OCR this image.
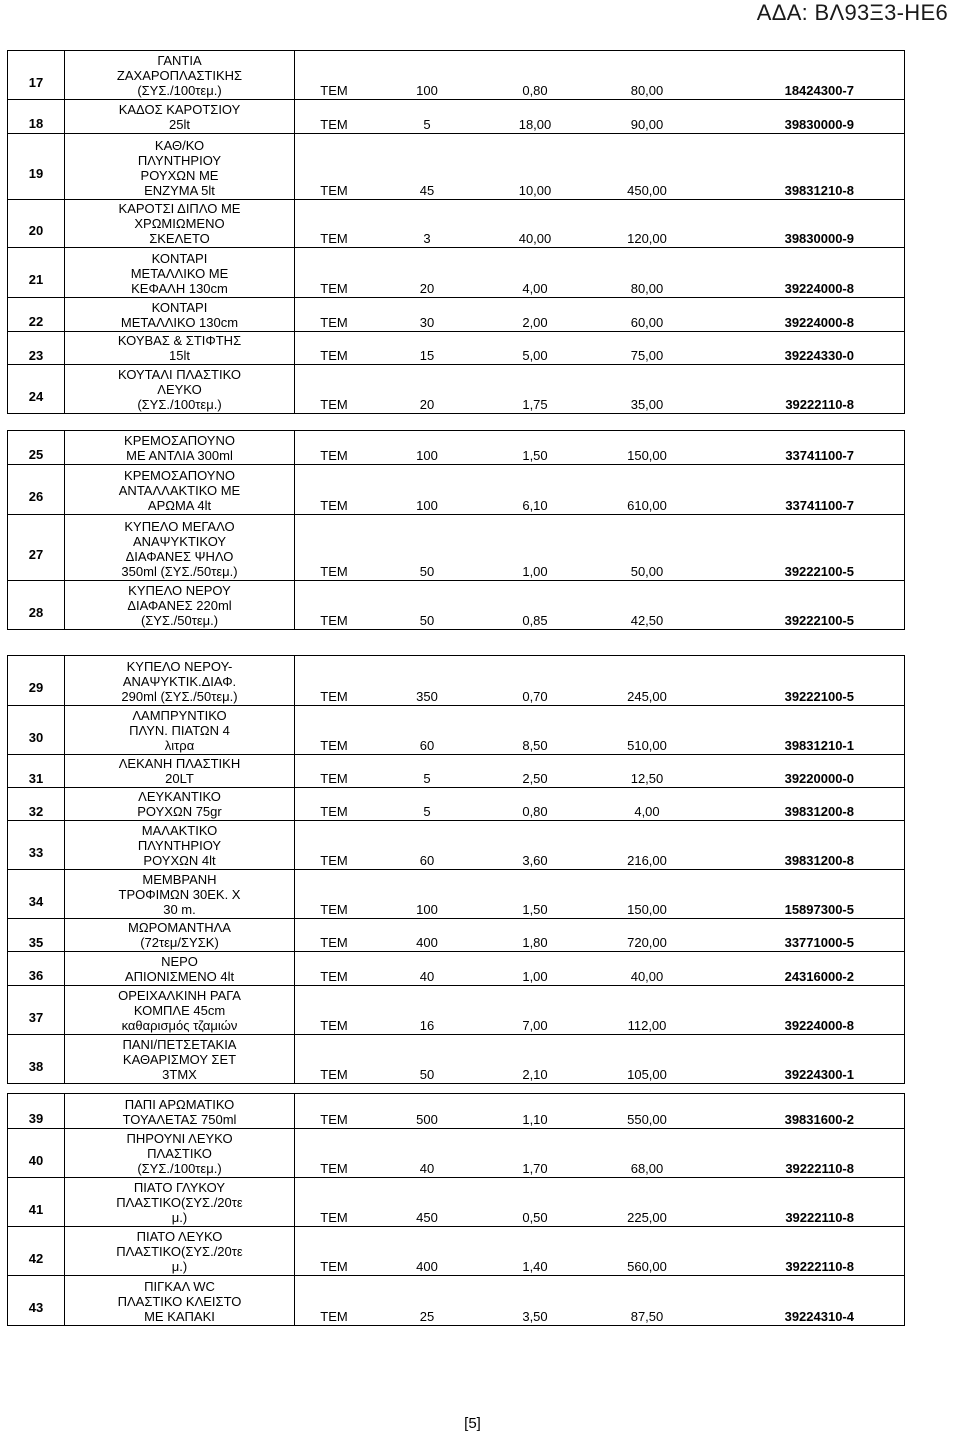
ΑΔΑ: ΒΛ93Ξ3-ΗΕ6
17
ΓΑΝΤΙΑ
ΖΑΧΑΡΟΠΛΑΣΤΙΚΗΣ
(ΣΥΣ./100τεμ.)	ΤΕΜ	100	0,80	80,00	18424300-7
18
ΚΑΔΟΣ ΚΑΡΟΤΣΙΟΥ
25lt	ΤΕΜ	5	18,00	90,00	39830000-9
19
ΚΑΘ/ΚΟ
ΠΛΥΝΤΗΡΙΟΥ
ΡΟΥΧΩΝ ΜΕ
ΕΝΖΥΜΑ 5lt	ΤΕΜ	45	10,00	450,00	39831210-8
20
ΚΑΡΟΤΣΙ ΔΙΠΛΟ ΜΕ
ΧΡΩΜΙΩΜΕΝΟ
ΣΚΕΛΕΤΟ	ΤΕΜ	3	40,00	120,00	39830000-9
21
ΚΟΝΤΑΡΙ
ΜΕΤΑΛΛΙΚΟ ΜΕ
ΚΕΦΑΛΗ 130cm	ΤΕΜ	20	4,00	80,00	39224000-8
22
ΚΟΝΤΑΡΙ
ΜΕΤΑΛΛΙΚΟ 130cm	ΤΕΜ	30	2,00	60,00	39224000-8
23
ΚΟΥΒΑΣ & ΣΤΙΦΤΗΣ
15lt	ΤΕΜ	15	5,00	75,00	39224330-0
24
ΚΟΥΤΑΛΙ ΠΛΑΣΤΙΚΟ
ΛΕΥΚΟ
(ΣΥΣ./100τεμ.)	ΤΕΜ	20	1,75	35,00	39222110-8
25
ΚΡΕΜΟΣΑΠΟΥΝΟ
ΜΕ ΑΝΤΛΙΑ 300ml	ΤΕΜ	100	1,50	150,00	33741100-7
26
ΚΡΕΜΟΣΑΠΟΥΝΟ
ΑΝΤΑΛΛΑΚΤΙΚΟ ΜΕ
ΑΡΩΜΑ 4lt	ΤΕΜ	100	6,10	610,00	33741100-7
27
ΚΥΠΕΛΟ ΜΕΓΑΛΟ
ΑΝΑΨΥΚΤΙΚΟΥ
ΔΙΑΦΑΝΕΣ ΨΗΛΟ
350ml (ΣΥΣ./50τεμ.)	ΤΕΜ	50	1,00	50,00	39222100-5
28
ΚΥΠΕΛΟ ΝΕΡΟΥ
ΔΙΑΦΑΝΕΣ 220ml
(ΣΥΣ./50τεμ.)	ΤΕΜ	50	0,85	42,50	39222100-5
29
ΚΥΠΕΛΟ ΝΕΡΟΥ-
ΑΝΑΨΥΚΤΙΚ.ΔΙΑΦ.
290ml (ΣΥΣ./50τεμ.)	ΤΕΜ	350	0,70	245,00	39222100-5
30
ΛΑΜΠΡΥΝΤΙΚΟ
ΠΛΥΝ. ΠΙΑΤΩΝ 4
λιτρα	ΤΕΜ	60	8,50	510,00	39831210-1
31
ΛΕΚΑΝΗ ΠΛΑΣΤΙΚΗ
20LT	ΤΕΜ	5	2,50	12,50	39220000-0
32
ΛΕΥΚΑΝΤΙΚΟ
ΡΟΥΧΩΝ 75gr	ΤΕΜ	5	0,80	4,00	39831200-8
33
ΜΑΛΑΚΤΙΚΟ
ΠΛΥΝΤΗΡΙΟΥ
ΡΟΥΧΩΝ 4lt	ΤΕΜ	60	3,60	216,00	39831200-8
34
ΜΕΜΒΡΑΝΗ
ΤΡΟΦΙΜΩΝ 30ΕΚ. Χ
30 m.	ΤΕΜ	100	1,50	150,00	15897300-5
35
ΜΩΡΟΜΑΝΤΗΛΑ
(72τεμ/ΣΥΣΚ)	ΤΕΜ	400	1,80	720,00	33771000-5
36
ΝΕΡΟ
ΑΠΙΟΝΙΣΜΕΝΟ 4lt	ΤΕΜ	40	1,00	40,00	24316000-2
37
ΟΡΕΙΧΑΛΚΙΝΗ ΡΑΓΑ
ΚΟΜΠΛΕ 45cm
καθαρισμός τζαμιών	ΤΕΜ	16	7,00	112,00	39224000-8
38
ΠΑΝΙ/ΠΕΤΣΕΤΑΚΙΑ
ΚΑΘΑΡΙΣΜΟΥ ΣΕΤ
3ΤΜΧ	ΤΕΜ	50	2,10	105,00	39224300-1
39
ΠΑΠΙ ΑΡΩΜΑΤΙΚΟ
ΤΟΥΑΛΕΤΑΣ 750ml	ΤΕΜ	500	1,10	550,00	39831600-2
40
ΠΗΡΟΥΝΙ ΛΕΥΚΟ
ΠΛΑΣΤΙΚΟ
(ΣΥΣ./100τεμ.)	ΤΕΜ	40	1,70	68,00	39222110-8
41
ΠΙΑΤΟ ΓΛΥΚΟΥ
ΠΛΑΣΤΙΚΟ(ΣΥΣ./20τε
μ.)	ΤΕΜ	450	0,50	225,00	39222110-8
42
ΠΙΑΤΟ ΛΕΥΚΟ
ΠΛΑΣΤΙΚΟ(ΣΥΣ./20τε
μ.)	ΤΕΜ	400	1,40	560,00	39222110-8
43
ΠΙΓΚΑΛ WC
ΠΛΑΣΤΙΚΟ ΚΛΕΙΣΤΟ
ΜΕ ΚΑΠΑΚΙ	ΤΕΜ	25	3,50	87,50	39224310-4
[5]
